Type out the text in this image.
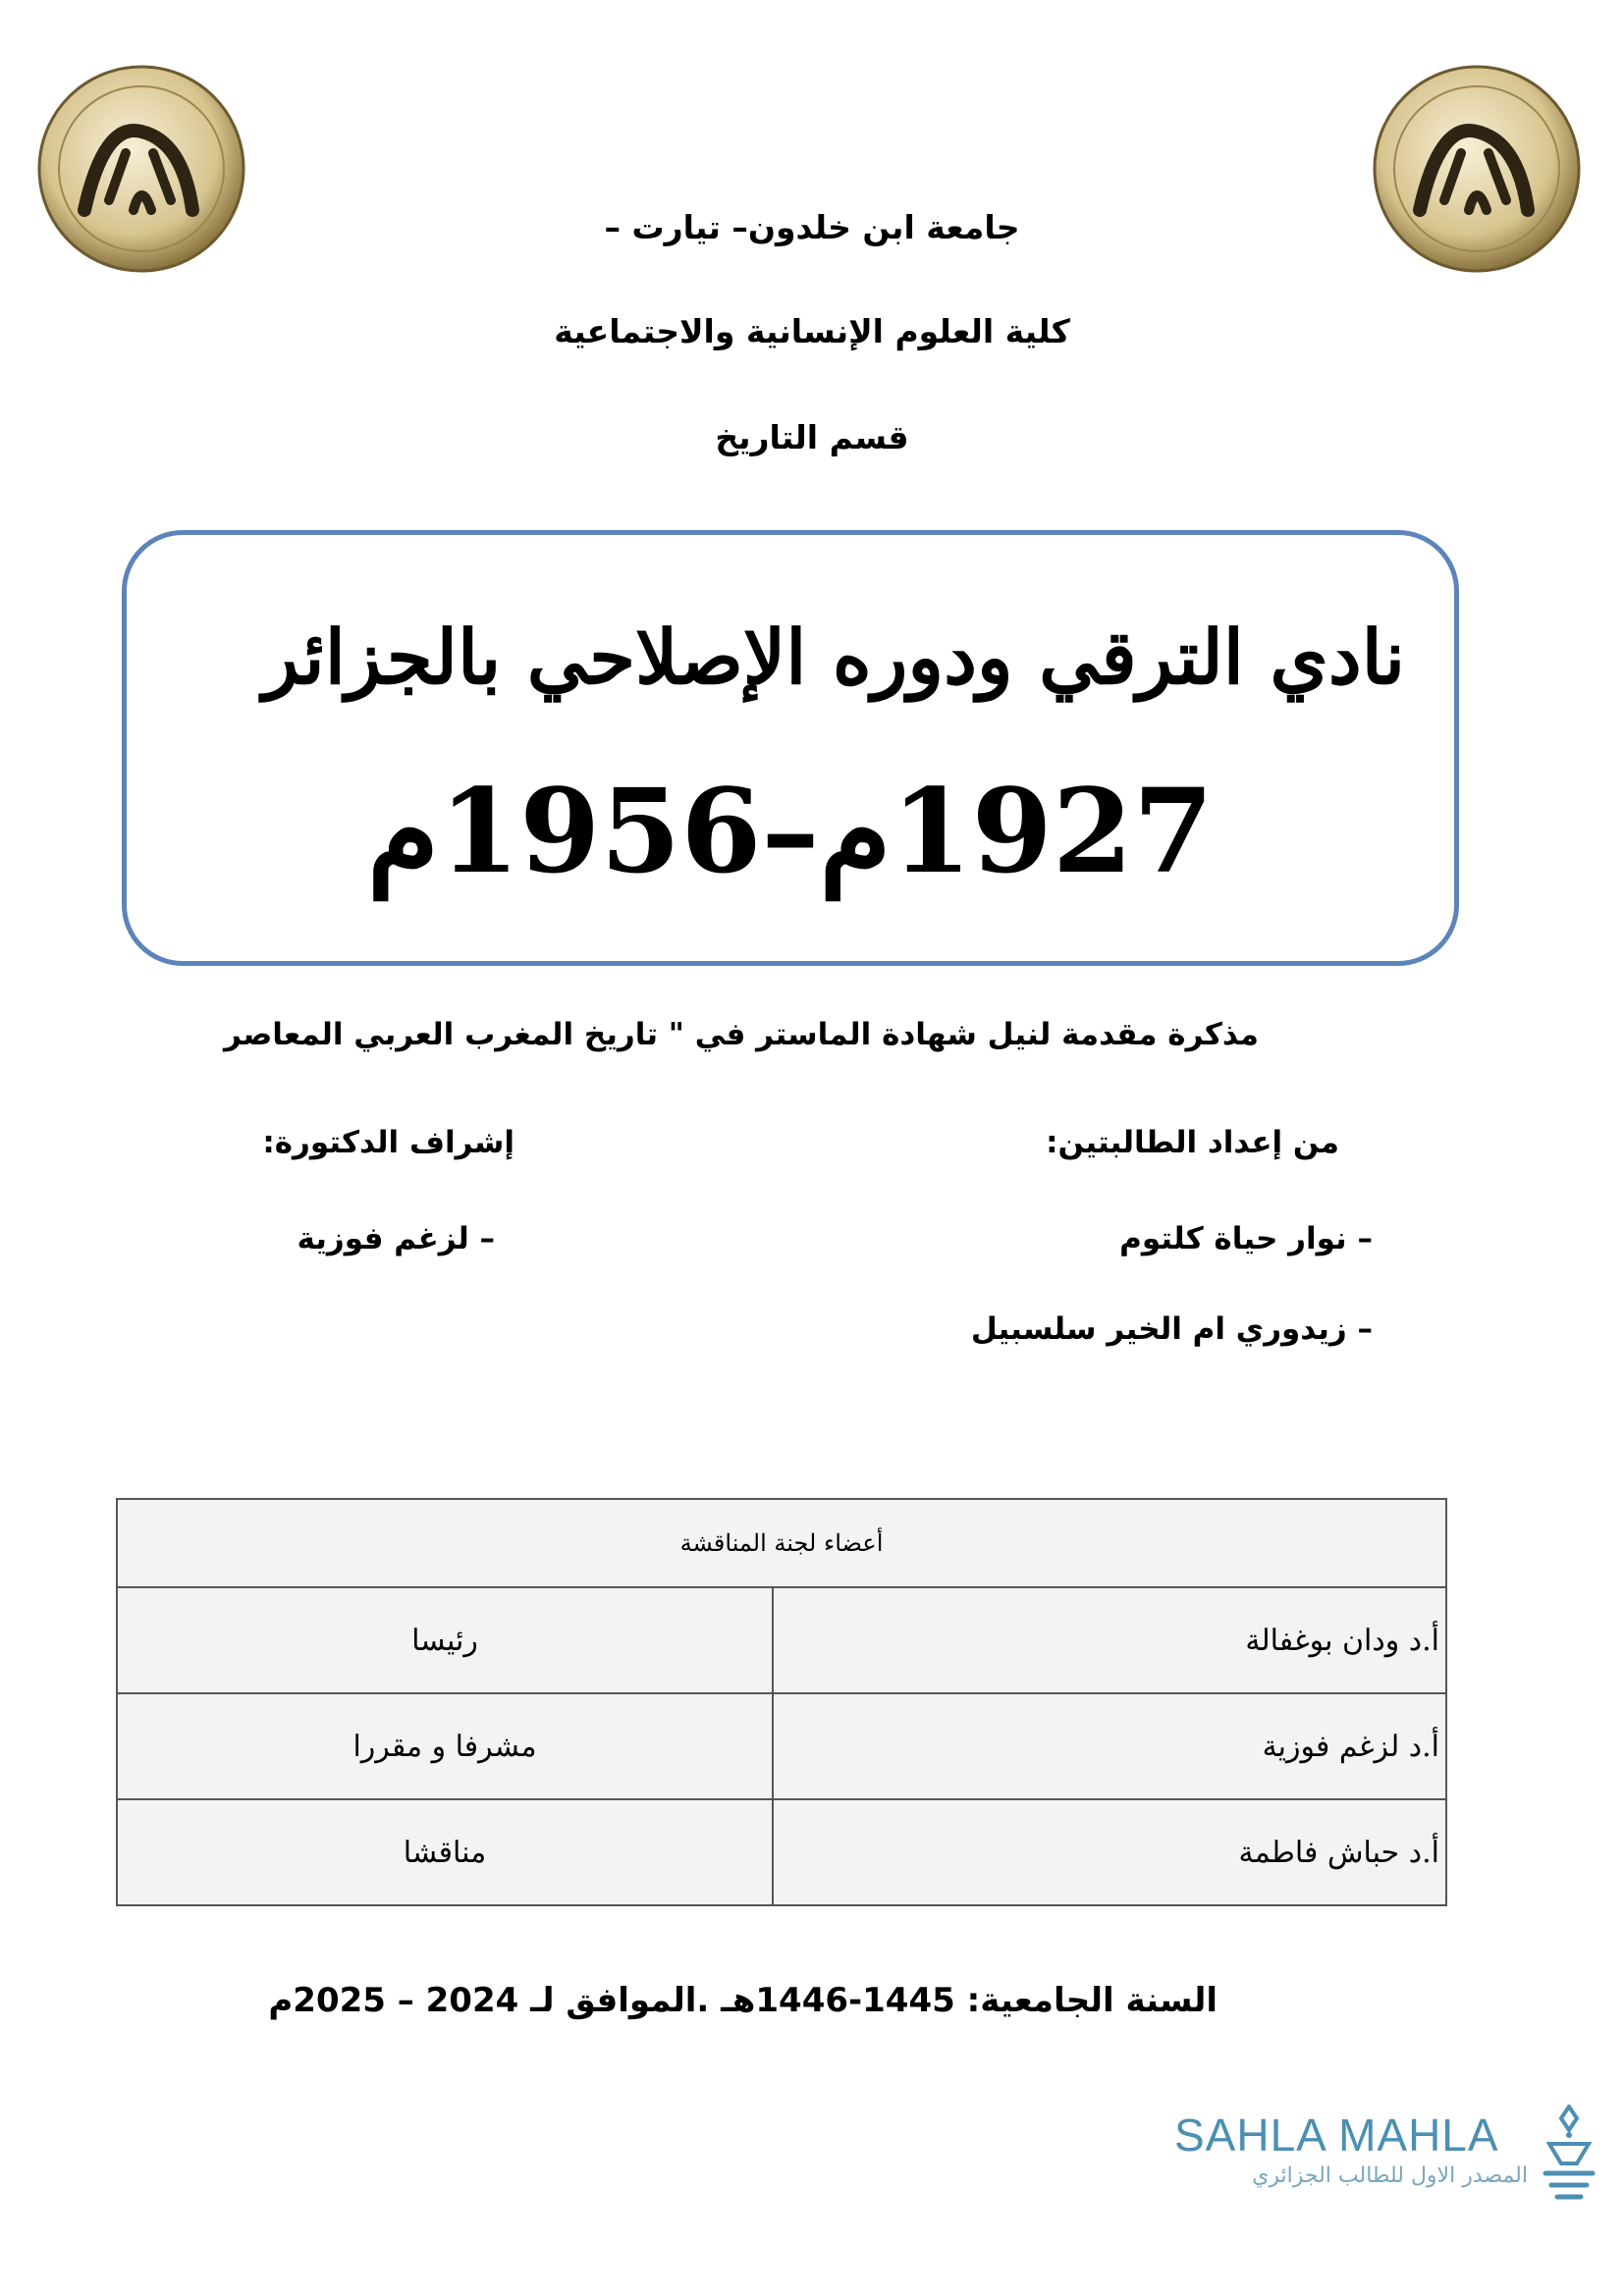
جامعة ابن خلدون– تيارت –
كلية العلوم الإنسانية والاجتماعية
قسم التاريخ
نادي الترقي ودوره الإصلاحي بالجزائر
1927م–1956م
مذكرة مقدمة لنيل شهادة الماستر في " تاريخ المغرب العربي المعاصر
من إعداد الطالبتين:
إشراف الدكتورة:
– نوار حياة كلتوم
– زيدوري ام الخير سلسبيل
– لزغم فوزية
أعضاء لجنة المناقشة	
أ.د ودان بوغفالة	رئيسا
أ.د لزغم فوزية	مشرفا و مقررا
أ.د حباش فاطمة	مناقشا
السنة الجامعية: 1445-1446هـ .الموافق لـ 2024 – 2025م
SAHLA MAHLA
المصدر الاول للطالب الجزائري
